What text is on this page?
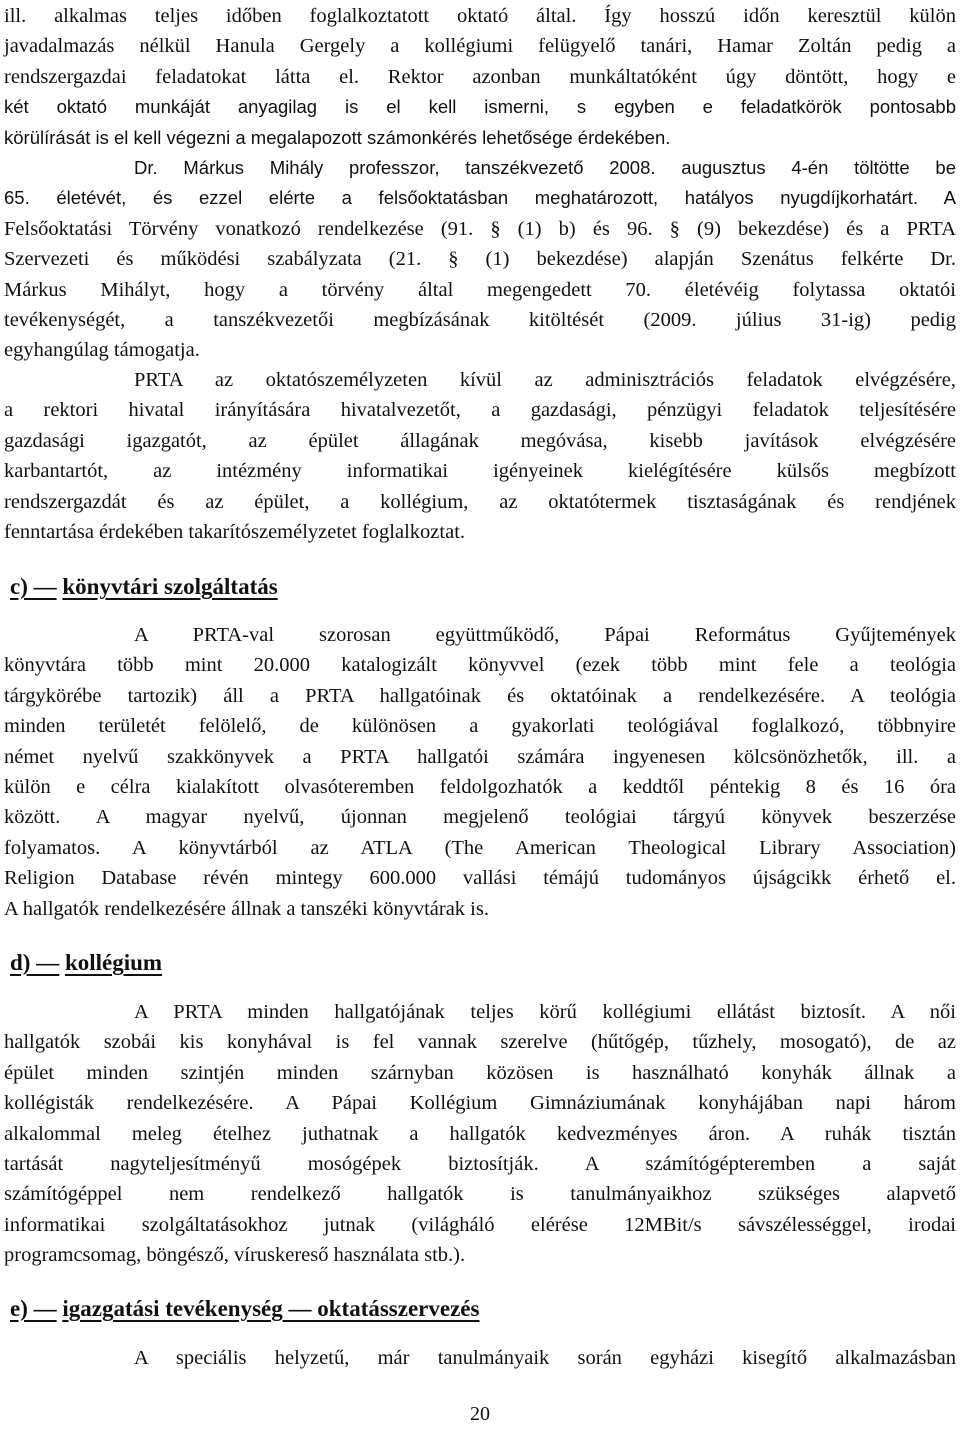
c) — könyvtári szolgáltatás
d) — kollégium
e) — igazgatási tevékenység — oktatásszervezés
20
ill. alkalmas teljes időben foglalkoztatott oktató által. Így hosszú időn keresztül külön
javadalmazás nélkül Hanula Gergely a kollégiumi felügyelő tanári, Hamar Zoltán pedig a
rendszergazdai feladatokat látta el. Rektor azonban munkáltatóként úgy döntött, hogy e
két oktató munkáját anyagilag is el kell ismerni, s egyben e feladatkörök pontosabb
körülírását is el kell végezni a megalapozott számonkérés lehetősége érdekében.
Dr. Márkus Mihály professzor, tanszékvezető 2008. augusztus 4-én töltötte be
65. életévét, és ezzel elérte a felsőoktatásban meghatározott, hatályos nyugdíjkorhatárt. A
Felsőoktatási Törvény vonatkozó rendelkezése (91. § (1) b) és 96. § (9) bekezdése) és a PRTA
Szervezeti és működési szabályzata (21. § (1) bekezdése) alapján Szenátus felkérte Dr.
Márkus Mihályt, hogy a törvény által megengedett 70. életévéig folytassa oktatói
tevékenységét, a tanszékvezetői megbízásának kitöltését (2009. július 31-ig) pedig
egyhangúlag támogatja.
PRTA az oktatószemélyzeten kívül az adminisztrációs feladatok elvégzésére,
a rektori hivatal irányítására hivatalvezetőt, a gazdasági, pénzügyi feladatok teljesítésére
gazdasági igazgatót, az épület állagának megóvása, kisebb javítások elvégzésére
karbantartót, az intézmény informatikai igényeinek kielégítésére külsős megbízott
rendszergazdát és az épület, a kollégium, az oktatótermek tisztaságának és rendjének
fenntartása érdekében takarítószemélyzetet foglalkoztat.
A PRTA-val szorosan együttműködő, Pápai Református Gyűjtemények
könyvtára több mint 20.000 katalogizált könyvvel (ezek több mint fele a teológia
tárgykörébe tartozik) áll a PRTA hallgatóinak és oktatóinak a rendelkezésére. A teológia
minden területét felölelő, de különösen a gyakorlati teológiával foglalkozó, többnyire
német nyelvű szakkönyvek a PRTA hallgatói számára ingyenesen kölcsönözhetők, ill. a
külön e célra kialakított olvasóteremben feldolgozhatók a keddtől péntekig 8 és 16 óra
között. A magyar nyelvű, újonnan megjelenő teológiai tárgyú könyvek beszerzése
folyamatos. A könyvtárból az ATLA (The American Theological Library Association)
Religion Database révén mintegy 600.000 vallási témájú tudományos újságcikk érhető el.
A hallgatók rendelkezésére állnak a tanszéki könyvtárak is.
A PRTA minden hallgatójának teljes körű kollégiumi ellátást biztosít. A női
hallgatók szobái kis konyhával is fel vannak szerelve (hűtőgép, tűzhely, mosogató), de az
épület minden szintjén minden szárnyban közösen is használható konyhák állnak a
kollégisták rendelkezésére. A Pápai Kollégium Gimnáziumának konyhájában napi három
alkalommal meleg ételhez juthatnak a hallgatók kedvezményes áron. A ruhák tisztán
tartását nagyteljesítményű mosógépek biztosítják. A számítógépteremben a saját
számítógéppel nem rendelkező hallgatók is tanulmányaikhoz szükséges alapvető
informatikai szolgáltatásokhoz jutnak (világháló elérése 12MBit/s sávszélességgel, irodai
programcsomag, böngésző, víruskereső használata stb.).
A speciális helyzetű, már tanulmányaik során egyházi kisegítő alkalmazásban
